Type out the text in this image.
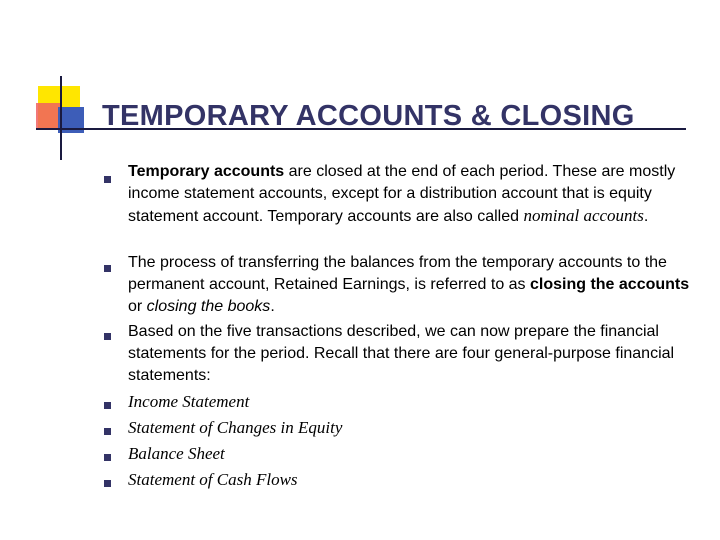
TEMPORARY ACCOUNTS & CLOSING
Temporary accounts are closed at the end of each period. These are mostly income statement accounts, except for a distribution account that is equity statement account. Temporary accounts are also called nominal accounts.
The process of transferring the balances from the temporary accounts to the permanent account, Retained Earnings, is referred to as closing the accounts or closing the books.
Based on the five transactions described, we can now prepare the financial statements for the period. Recall that there are four general-purpose financial statements:
Income Statement
Statement of Changes in Equity
Balance Sheet
Statement of Cash Flows
